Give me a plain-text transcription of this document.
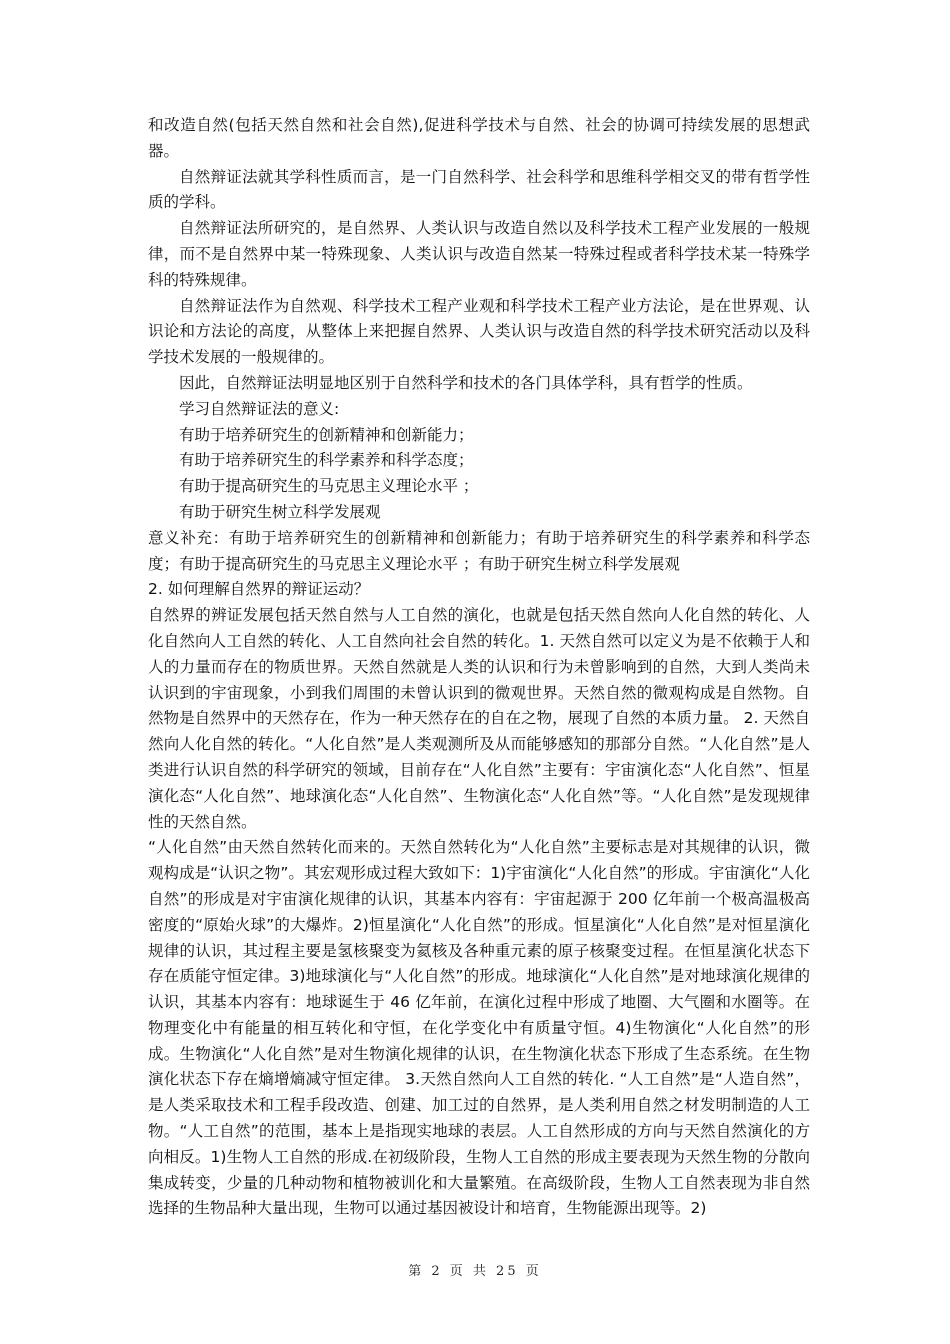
和改造自然(包括天然自然和社会自然),促进科学技术与自然、社会的协调可持续发展的思想武器。

自然辩证法就其学科性质而言，是一门自然科学、社会科学和思维科学相交叉的带有哲学性质的学科。

自然辩证法所研究的，是自然界、人类认识与改造自然以及科学技术工程产业发展的一般规律，而不是自然界中某一特殊现象、人类认识与改造自然某一特殊过程或者科学技术某一特殊学科的特殊规律。

自然辩证法作为自然观、科学技术工程产业观和科学技术工程产业方法论，是在世界观、认识论和方法论的高度，从整体上来把握自然界、人类认识与改造自然的科学技术研究活动以及科学技术发展的一般规律的。

因此，自然辩证法明显地区别于自然科学和技术的各门具体学科，具有哲学的性质。

学习自然辩证法的意义:

有助于培养研究生的创新精神和创新能力；

有助于培养研究生的科学素养和科学态度；

有助于提高研究生的马克思主义理论水平 ；

有助于研究生树立科学发展观

意义补充：有助于培养研究生的创新精神和创新能力；有助于培养研究生的科学素养和科学态度；有助于提高研究生的马克思主义理论水平 ；有助于研究生树立科学发展观

2. 如何理解自然界的辩证运动？

自然界的辨证发展包括天然自然与人工自然的演化，也就是包括天然自然向人化自然的转化、人化自然向人工自然的转化、人工自然向社会自然的转化。1. 天然自然可以定义为是不依赖于人和人的力量而存在的物质世界。天然自然就是人类的认识和行为未曾影响到的自然，大到人类尚未认识到的宇宙现象，小到我们周围的未曾认识到的微观世界。天然自然的微观构成是自然物。自然物是自然界中的天然存在，作为一种天然存在的自在之物，展现了自然的本质力量。 2. 天然自然向人化自然的转化。“人化自然”是人类观测所及从而能够感知的那部分自然。“人化自然”是人类进行认识自然的科学研究的领域，目前存在“人化自然”主要有：宇宙演化态“人化自然”、恒星演化态“人化自然”、地球演化态“人化自然”、生物演化态“人化自然”等。“人化自然”是发现规律性的天然自然。

“人化自然”由天然自然转化而来的。天然自然转化为“人化自然”主要标志是对其规律的认识，微观构成是“认识之物”。其宏观形成过程大致如下：1)宇宙演化“人化自然”的形成。宇宙演化“人化自然”的形成是对宇宙演化规律的认识，其基本内容有：宇宙起源于 200 亿年前一个极高温极高密度的“原始火球”的大爆炸。2)恒星演化“人化自然”的形成。恒星演化“人化自然”是对恒星演化规律的认识，其过程主要是氢核聚变为氦核及各种重元素的原子核聚变过程。在恒星演化状态下存在质能守恒定律。3)地球演化与“人化自然”的形成。地球演化“人化自然”是对地球演化规律的认识，其基本内容有：地球诞生于 46 亿年前，在演化过程中形成了地圈、大气圈和水圈等。在物理变化中有能量的相互转化和守恒，在化学变化中有质量守恒。4)生物演化“人化自然”的形成。生物演化“人化自然”是对生物演化规律的认识，在生物演化状态下形成了生态系统。在生物演化状态下存在熵增熵减守恒定律。 3.天然自然向人工自然的转化. “人工自然”是“人造自然”，是人类采取技术和工程手段改造、创建、加工过的自然界，是人类利用自然之材发明制造的人工物。“人工自然”的范围，基本上是指现实地球的表层。人工自然形成的方向与天然自然演化的方向相反。1)生物人工自然的形成.在初级阶段，生物人工自然的形成主要表现为天然生物的分散向集成转变，少量的几种动物和植物被训化和大量繁殖。在高级阶段，生物人工自然表现为非自然选择的生物品种大量出现，生物可以通过基因被设计和培育，生物能源出现等。2)

第 2 页 共 25 页
